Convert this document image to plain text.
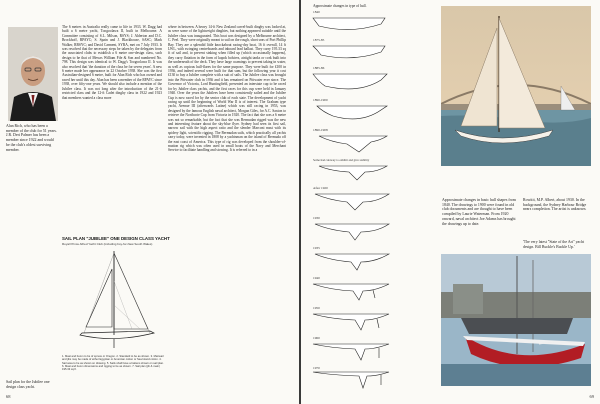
Alan Rich, who has been a member of the club for 51 years. J.R. Deri Palmer has been a member since 1922 and would be the club's oldest surviving member.
The 6 metres in Australia really came to life in 1933. W. Dagg had built a 6 metre yacht, Toogoolawa II, built in Melbourne. A Committee consisting of S.L. Milson, RSYS; J. Alderton and D.C. Brockhoff, RPAYC; S. Spain and J. Blackhouse, SASC; Mark Walker, RBSYC; and David Carment, SYRA, met on 7 July 1933. It was resolved that the necessary steps be taken by the delegates from the associated clubs to establish a 6 metre one-design class, such design to be that of Messrs William Fife & Son and numbered No. 798. This design was identical to W. Dagg's Toogoolawa II. It was also resolved that 'the duration of the class be for seven years'. A new 6 metre made her appearance in 22 October 1938. She was the first Australian-designed 6 metre, built for Alan Rich who has owned and raced her until this day. Alan has been a member of the RPAYC since 1938, over fifty-one years. We should also include a mention of the Jubilee class. It was not long after the introduction of the 21-ft restricted class and the 12-ft Cadet dinghy class in 1922 and 1923 that members wanted a class more
where in between. A heavy 14-ft New Zealand carvel-built dinghy was looked at, as were some of the lightweight dinghies, but nothing appeared suitable until the Jubilee class was inaugurated. This boat was designed by a Melbourne architect, C. Peel. They were originally meant to sail on the rough, short seas of Port Phillip Bay. They are a splendid little knockabout racing-day boat, 16 ft overall, 14 ft LWL, with swinging centreboards and inboard lead ballast. They carry 195.33 sq ft of sail and, to prevent sinking when filled up (which occasionally happens), they carry flotation in the form of kapok bolsters, airtight tanks or cork built into the underneath of the deck. They have large coamings to prevent taking in water, as well as copious hull-flares for the same purpose. They were built for £100 in 1936, and indeed several were built for that sum, but the following year it cost £130 to buy a Jubilee complete with a suit of sails. The Jubilee class was brought into the Pittwater club in 1936 and it has remained on Pittwater ever since. The Governor of Victoria, Lord Huntingfield, presented an interstate cup to be raced for by Jubilee class yachts, and the first races for this cup were held in January 1940. Over the years the Jubilees have been consistently sailed and the Jubilee Cup is now raced for by the senior club of each state. The development of yacht racing up until the beginning of World War II is of interest. The Graham type yacht, Avenue III (afterwards Lutine) which was still racing in 1953, was designed by the famous English naval architect, Morgan Giles, for A.C. Saxton to retrieve the Northcote Cup from Victoria in 1920. The fact that she was a 6 metre was not so remarkable, but the fact that she was Bermudan rigged was the new and interesting feature about the sky-blue flyer. Sydney had seen its first sail, narrow sail with the high aspect ratio and the slender Marconi mast with its spidery light, scientific rigging. The Bermudan sails, which practically all yachts carry today, were invented in 1808 by a yachtsman on the island of Bermuda off the east coast of America. This type of rig was developed from the shoulder-of-mutton rig which was often used in small boats of the Navy and Merchant Service to facilitate handling and stowing. It is referred to in a
SAIL PLAN "JUBILEE" ONE DESIGN CLASS YACHT
Royal Prince Alfred Yacht Club (including boy-for-New South Wales)
1. Mast and boom to be of spruce or Oregon. 2. Standard to be as shown. 3. Mainsail and jibs may be made of either Egyptian or American cotton or Sea Island cotton. 4. Sail area to be as shown on drawing. 5. Sails shall have a battens shown on sail plan. 6. Mast and boom dimensions and rigging to be as shown. 7. Sail plan (jib & main) 195.33 sq ft.
Sail plan for the Jubilee one design class yacht.
68
Approximate changes in type of hull.
1840
1875-85
1885-86
1890-1900
1890-1908
Some had cutaway to exhibit and give stability
After 1920
1930
1935
1940
1950
1960
1970
Rowitit, M.P. Albert, about 1930. In the background, the Sydney Harbour Bridge nears completion. The artist is unknown.
Approximate changes in basic hull shapes from 1840. The drawings to 1900 were found in old club documents and are thought to have been compiled by Laurie Waterman. From 1920 onward, naval architect Joe Adams has brought the drawings up to date.
'The very latest "State of the Art" yacht design. Bill Buckle's Buckle Up.'
69
